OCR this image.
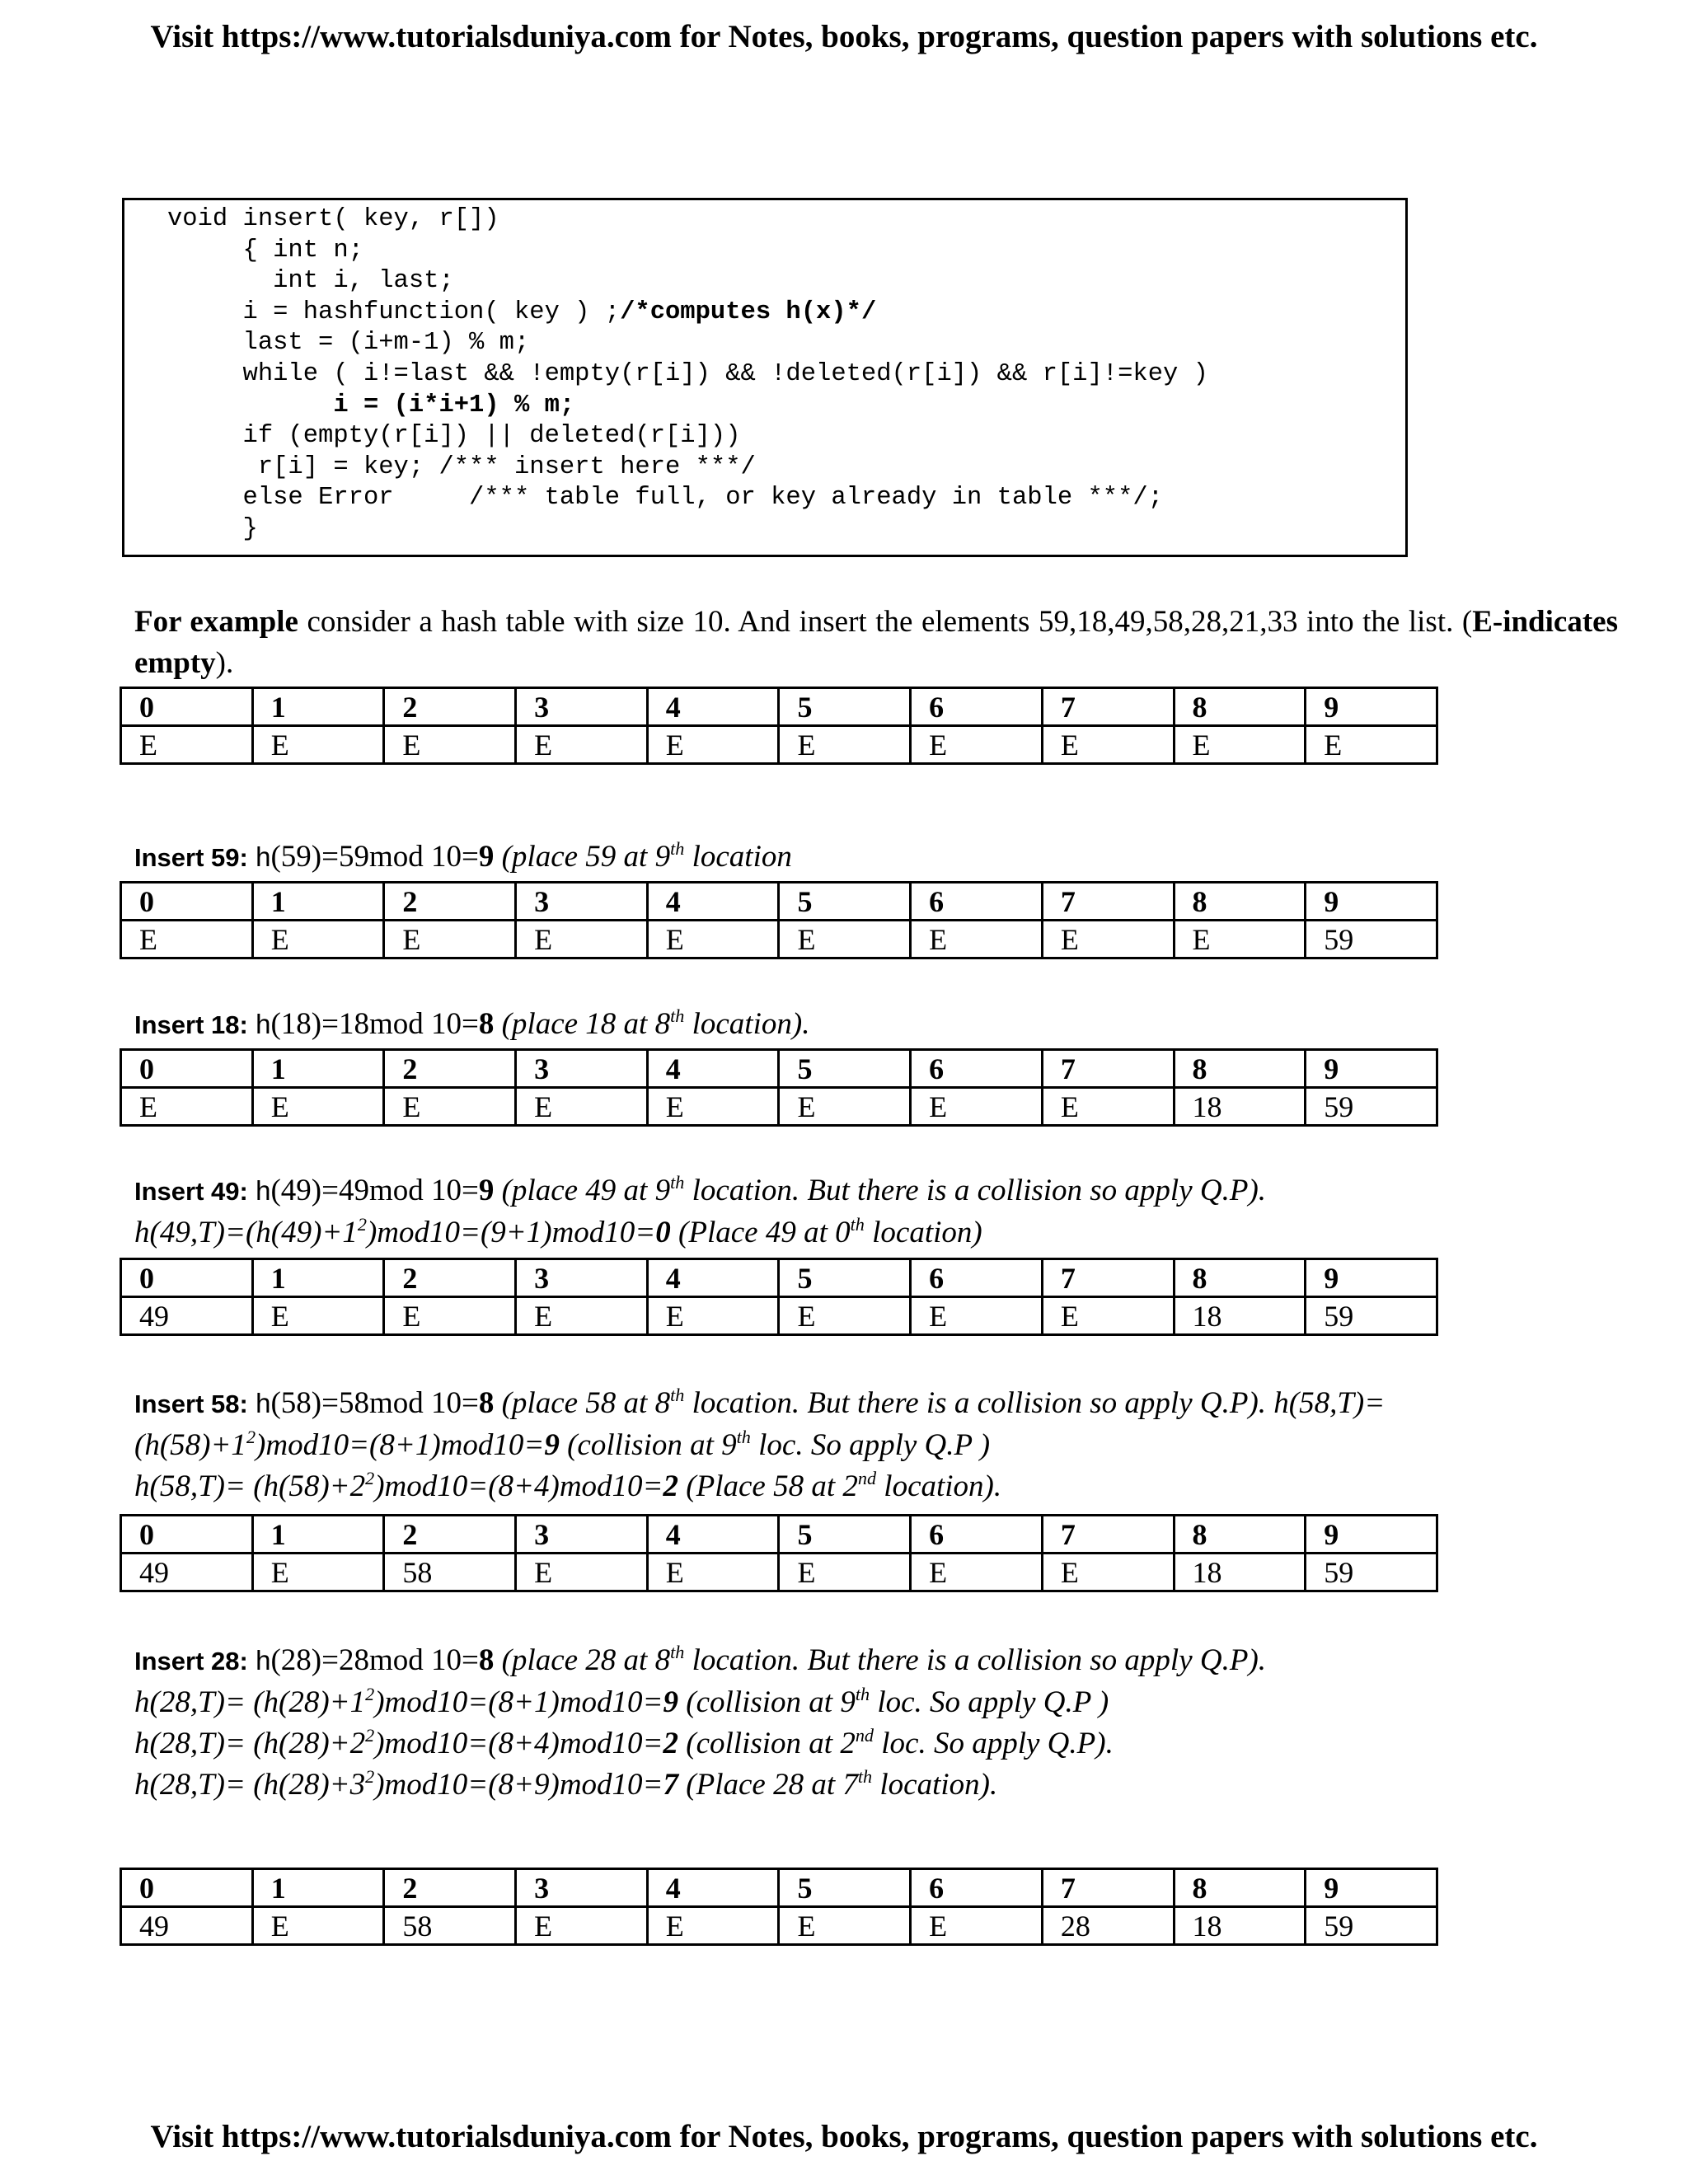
Visit https://www.tutorialsduniya.com for Notes, books, programs, question papers with solutions etc.
void insert( key, r[])
{ int n;
int i, last;
i = hashfunction( key ) ;/*computes h(x)*/
last = (i+m-1) % m;
while ( i!=last && !empty(r[i]) && !deleted(r[i]) && r[i]!=key )
i = (i*i+1) % m;
if (empty(r[i]) || deleted(r[i]))
r[i] = key; /*** insert here ***/
else Error     /*** table full, or key already in table ***/;
}
For example consider a hash table with size 10. And insert the elements 59,18,49,58,28,21,33 into the list. (E-indicates empty).
0	1	2	3	4	5	6	7	8	9
E	E	E	E	E	E	E	E	E	E
Insert 59: h(59)=59mod 10=9 (place 59 at 9th location
0	1	2	3	4	5	6	7	8	9
E	E	E	E	E	E	E	E	E	59
Insert 18: h(18)=18mod 10=8 (place 18 at 8th location).
0	1	2	3	4	5	6	7	8	9
E	E	E	E	E	E	E	E	18	59
Insert 49: h(49)=49mod 10=9 (place 49 at 9th location. But there is a collision so apply Q.P).
$h(49,T)=(h(49)+1^2)mod10=(9+1)mod10=0$ (Place 49 at 0th location)
0	1	2	3	4	5	6	7	8	9
49	E	E	E	E	E	E	E	18	59
Insert 58: h(58)=58mod 10=8 (place 58 at 8th location. But there is a collision so apply Q.P). h(58,T)=
$(h(58)+1^2)mod10=(8+1)mod10=9$ (collision at 9th loc. So apply Q.P )
$h(58,T)= (h(58)+2^2)mod10=(8+4)mod10=2$ (Place 58 at 2nd location).
0	1	2	3	4	5	6	7	8	9
49	E	58	E	E	E	E	E	18	59
Insert 28: h(28)=28mod 10=8 (place 28 at 8th location. But there is a collision so apply Q.P).
$h(28,T)= (h(28)+1^2)mod10=(8+1)mod10=9$ (collision at 9th loc. So apply Q.P )
$h(28,T)= (h(28)+2^2)mod10=(8+4)mod10=2$ (collision at 2nd loc. So apply Q.P).
$h(28,T)= (h(28)+3^2)mod10=(8+9)mod10=7$ (Place 28 at 7th location).
0	1	2	3	4	5	6	7	8	9
49	E	58	E	E	E	E	28	18	59
Visit https://www.tutorialsduniya.com for Notes, books, programs, question papers with solutions etc.
